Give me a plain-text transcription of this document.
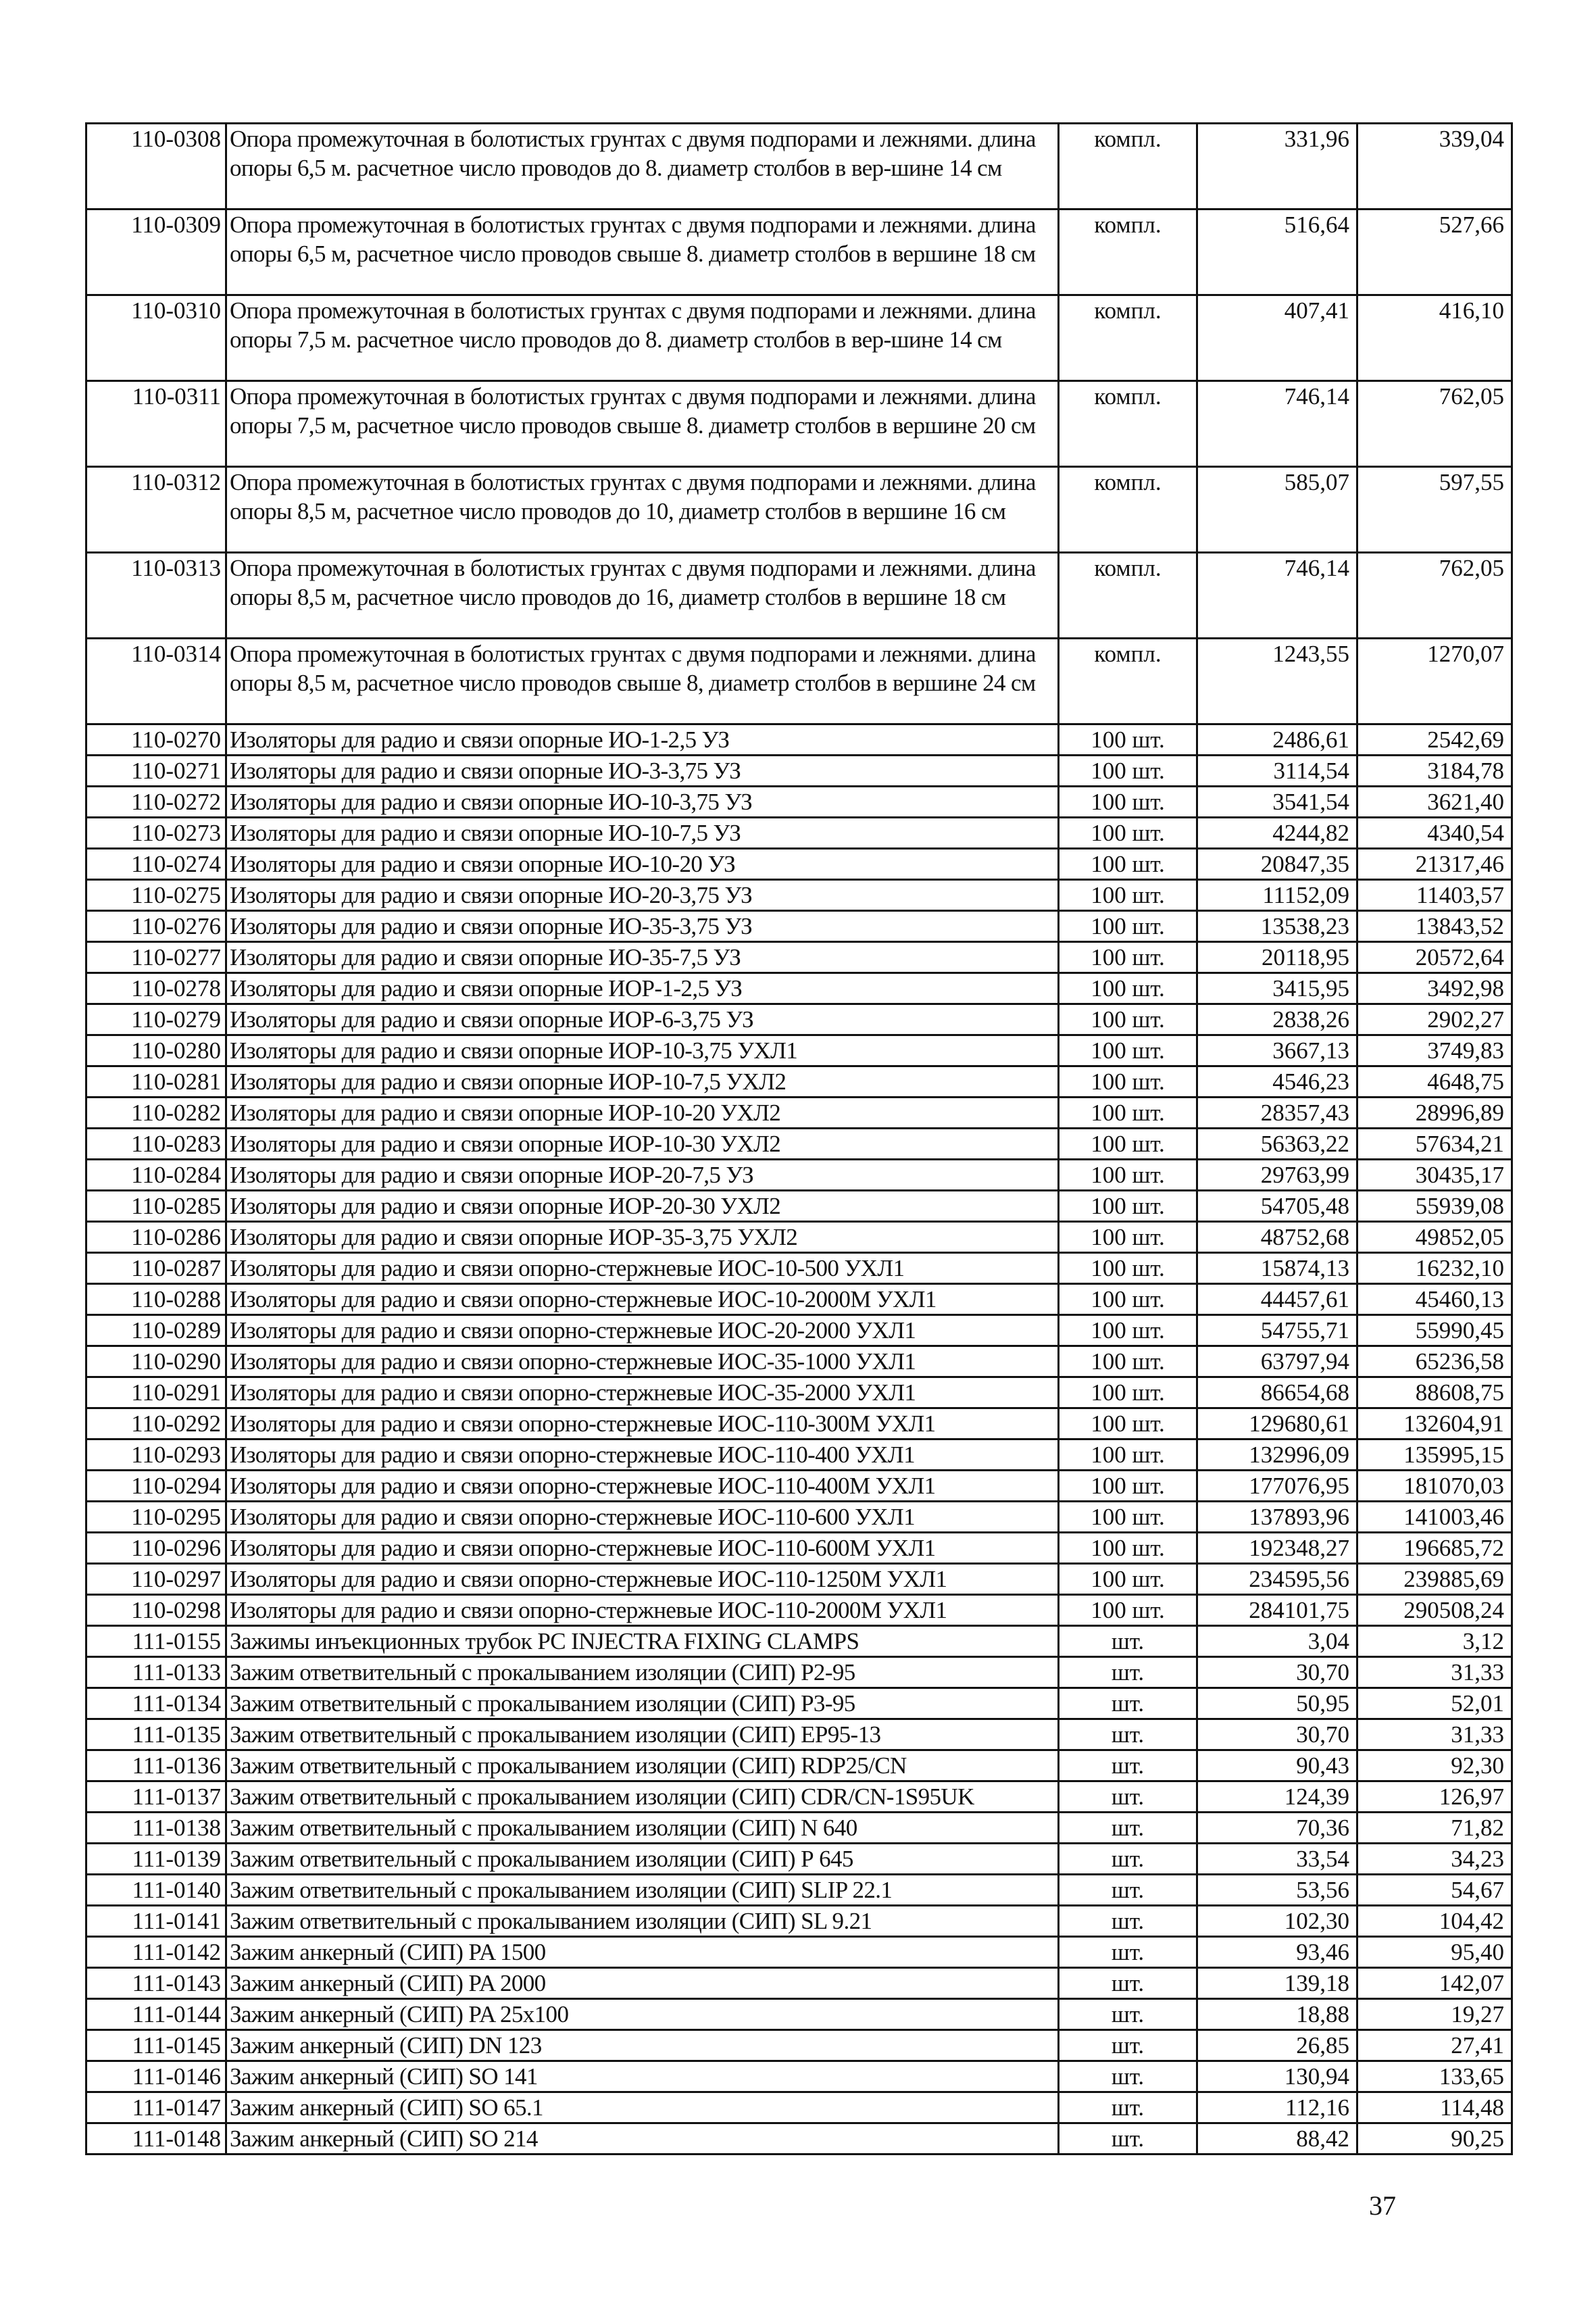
110-0308	Опора промежуточная в болотистых грунтах с двумя подпорами и лежнями. длина опоры 6,5 м. расчетное число проводов до 8. диаметр столбов в вер-шине 14 см	компл.	331,96	339,04
110-0309	Опора промежуточная в болотистых грунтах с двумя подпорами и лежнями. длина опоры 6,5 м, расчетное число проводов свыше 8. диаметр столбов в вершине 18 см	компл.	516,64	527,66
110-0310	Опора промежуточная в болотистых грунтах с двумя подпорами и лежнями. длина опоры 7,5 м. расчетное число проводов до 8. диаметр столбов в вер-шине 14 см	компл.	407,41	416,10
110-0311	Опора промежуточная в болотистых грунтах с двумя подпорами и лежнями. длина опоры 7,5 м, расчетное число проводов свыше 8. диаметр столбов в вершине 20 см	компл.	746,14	762,05
110-0312	Опора промежуточная в болотистых грунтах с двумя подпорами и лежнями. длина опоры 8,5 м, расчетное число проводов до 10, диаметр столбов в вершине 16 см	компл.	585,07	597,55
110-0313	Опора промежуточная в болотистых грунтах с двумя подпорами и лежнями. длина опоры 8,5 м, расчетное число проводов до 16, диаметр столбов в вершине 18 см	компл.	746,14	762,05
110-0314	Опора промежуточная в болотистых грунтах с двумя подпорами и лежнями. длина опоры 8,5 м, расчетное число проводов свыше 8, диаметр столбов в вершине 24 см	компл.	1243,55	1270,07
110-0270	Изоляторы для радио и связи опорные ИО-1-2,5 УЗ	100 шт.	2486,61	2542,69
110-0271	Изоляторы для радио и связи опорные ИО-3-3,75 УЗ	100 шт.	3114,54	3184,78
110-0272	Изоляторы для радио и связи опорные ИО-10-3,75 УЗ	100 шт.	3541,54	3621,40
110-0273	Изоляторы для радио и связи опорные ИО-10-7,5 УЗ	100 шт.	4244,82	4340,54
110-0274	Изоляторы для радио и связи опорные ИО-10-20 УЗ	100 шт.	20847,35	21317,46
110-0275	Изоляторы для радио и связи опорные ИО-20-3,75 УЗ	100 шт.	11152,09	11403,57
110-0276	Изоляторы для радио и связи опорные ИО-35-3,75 УЗ	100 шт.	13538,23	13843,52
110-0277	Изоляторы для радио и связи опорные ИО-35-7,5 УЗ	100 шт.	20118,95	20572,64
110-0278	Изоляторы для радио и связи опорные ИОР-1-2,5 УЗ	100 шт.	3415,95	3492,98
110-0279	Изоляторы для радио и связи опорные ИОР-6-3,75 УЗ	100 шт.	2838,26	2902,27
110-0280	Изоляторы для радио и связи опорные ИОР-10-3,75 УХЛ1	100 шт.	3667,13	3749,83
110-0281	Изоляторы для радио и связи опорные ИОР-10-7,5 УХЛ2	100 шт.	4546,23	4648,75
110-0282	Изоляторы для радио и связи опорные ИОР-10-20 УХЛ2	100 шт.	28357,43	28996,89
110-0283	Изоляторы для радио и связи опорные ИОР-10-30 УХЛ2	100 шт.	56363,22	57634,21
110-0284	Изоляторы для радио и связи опорные ИОР-20-7,5 УЗ	100 шт.	29763,99	30435,17
110-0285	Изоляторы для радио и связи опорные ИОР-20-30 УХЛ2	100 шт.	54705,48	55939,08
110-0286	Изоляторы для радио и связи опорные ИОР-35-3,75 УХЛ2	100 шт.	48752,68	49852,05
110-0287	Изоляторы для радио и связи опорно-стержневые ИОС-10-500 УХЛ1	100 шт.	15874,13	16232,10
110-0288	Изоляторы для радио и связи опорно-стержневые ИОС-10-2000М УХЛ1	100 шт.	44457,61	45460,13
110-0289	Изоляторы для радио и связи опорно-стержневые ИОС-20-2000 УХЛ1	100 шт.	54755,71	55990,45
110-0290	Изоляторы для радио и связи опорно-стержневые ИОС-35-1000 УХЛ1	100 шт.	63797,94	65236,58
110-0291	Изоляторы для радио и связи опорно-стержневые ИОС-35-2000 УХЛ1	100 шт.	86654,68	88608,75
110-0292	Изоляторы для радио и связи опорно-стержневые ИОС-110-300М УХЛ1	100 шт.	129680,61	132604,91
110-0293	Изоляторы для радио и связи опорно-стержневые ИОС-110-400 УХЛ1	100 шт.	132996,09	135995,15
110-0294	Изоляторы для радио и связи опорно-стержневые ИОС-110-400М УХЛ1	100 шт.	177076,95	181070,03
110-0295	Изоляторы для радио и связи опорно-стержневые ИОС-110-600 УХЛ1	100 шт.	137893,96	141003,46
110-0296	Изоляторы для радио и связи опорно-стержневые ИОС-110-600М УХЛ1	100 шт.	192348,27	196685,72
110-0297	Изоляторы для радио и связи опорно-стержневые ИОС-110-1250М УХЛ1	100 шт.	234595,56	239885,69
110-0298	Изоляторы для радио и связи опорно-стержневые ИОС-110-2000М УХЛ1	100 шт.	284101,75	290508,24
111-0155	Зажимы инъекционных трубок PC INJECTRA FIXING CLAMPS	шт.	3,04	3,12
111-0133	Зажим ответвительный с прокалыванием изоляции (СИП) Р2-95	шт.	30,70	31,33
111-0134	Зажим ответвительный с прокалыванием изоляции (СИП) Р3-95	шт.	50,95	52,01
111-0135	Зажим ответвительный с прокалыванием изоляции (СИП) ЕР95-13	шт.	30,70	31,33
111-0136	Зажим ответвительный с прокалыванием изоляции (СИП) RDP25/CN	шт.	90,43	92,30
111-0137	Зажим ответвительный с прокалыванием изоляции (СИП) CDR/CN-1S95UK	шт.	124,39	126,97
111-0138	Зажим ответвительный с прокалыванием изоляции (СИП) N 640	шт.	70,36	71,82
111-0139	Зажим ответвительный с прокалыванием изоляции (СИП) Р 645	шт.	33,54	34,23
111-0140	Зажим ответвительный с прокалыванием изоляции (СИП) SLIP 22.1	шт.	53,56	54,67
111-0141	Зажим ответвительный с прокалыванием изоляции (СИП) SL 9.21	шт.	102,30	104,42
111-0142	Зажим анкерный (СИП) PA 1500	шт.	93,46	95,40
111-0143	Зажим анкерный (СИП) PA 2000	шт.	139,18	142,07
111-0144	Зажим анкерный (СИП) PA 25x100	шт.	18,88	19,27
111-0145	Зажим анкерный (СИП) DN 123	шт.	26,85	27,41
111-0146	Зажим анкерный (СИП) SO 141	шт.	130,94	133,65
111-0147	Зажим анкерный (СИП) SO 65.1	шт.	112,16	114,48
111-0148	Зажим анкерный (СИП) SO 214	шт.	88,42	90,25
37
